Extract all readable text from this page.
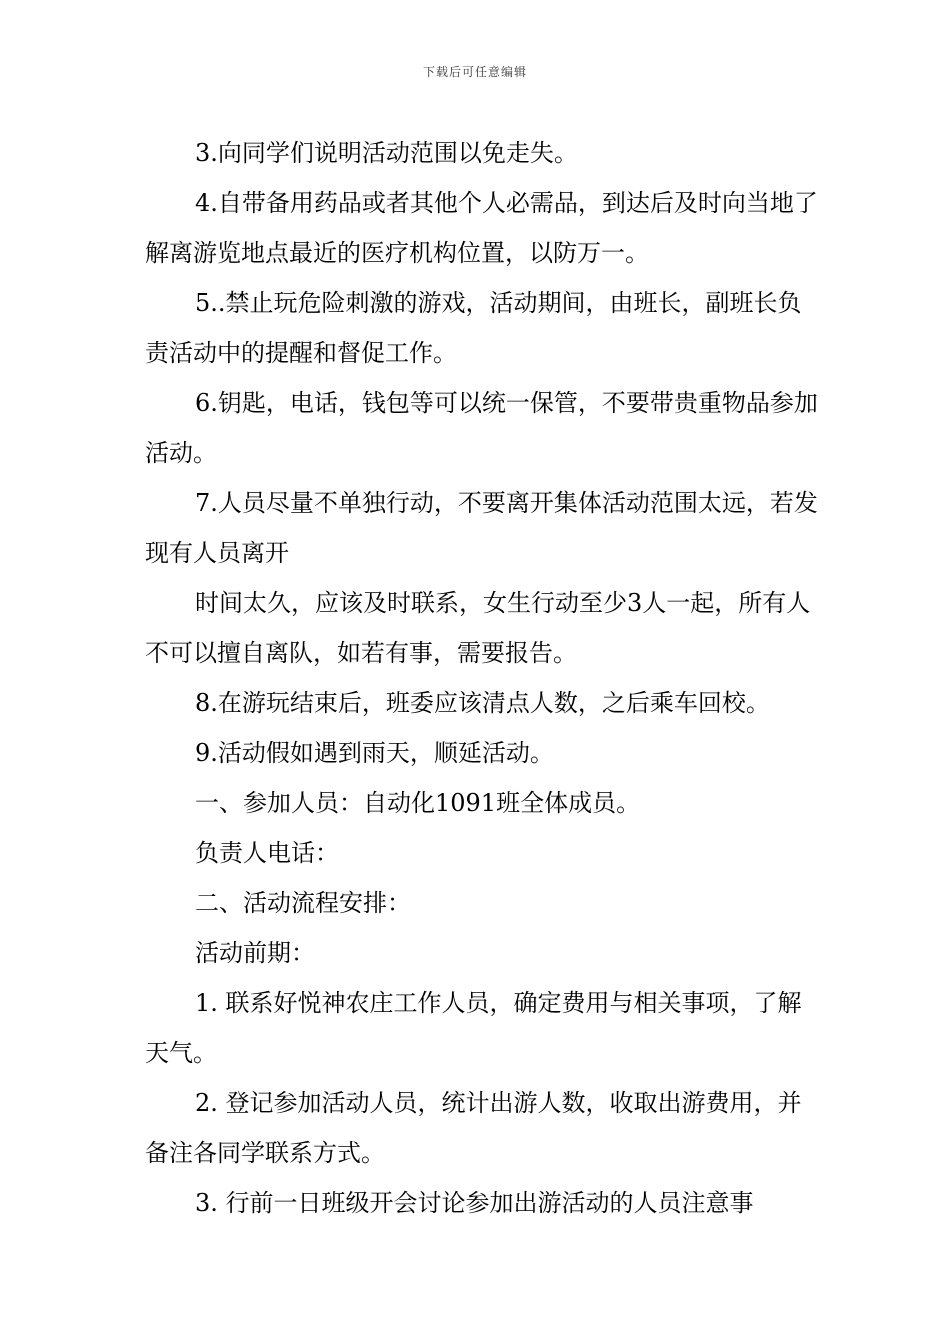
下载后可任意编辑

3.向同学们说明活动范围以免走失。

4.自带备用药品或者其他个人必需品，到达后及时向当地了解离游览地点最近的医疗机构位置，以防万一。

5..禁止玩危险刺激的游戏，活动期间，由班长，副班长负责活动中的提醒和督促工作。

6.钥匙，电话，钱包等可以统一保管，不要带贵重物品参加活动。

7.人员尽量不单独行动，不要离开集体活动范围太远，若发现有人员离开

时间太久，应该及时联系，女生行动至少3人一起，所有人不可以擅自离队，如若有事，需要报告。

8.在游玩结束后，班委应该清点人数，之后乘车回校。

9.活动假如遇到雨天，顺延活动。

一、参加人员：自动化1091班全体成员。

负责人电话：

二、活动流程安排：

活动前期：

1. 联系好悦神农庄工作人员，确定费用与相关事项，了解天气。

2. 登记参加活动人员，统计出游人数，收取出游费用，并备注各同学联系方式。

3. 行前一日班级开会讨论参加出游活动的人员注意事
